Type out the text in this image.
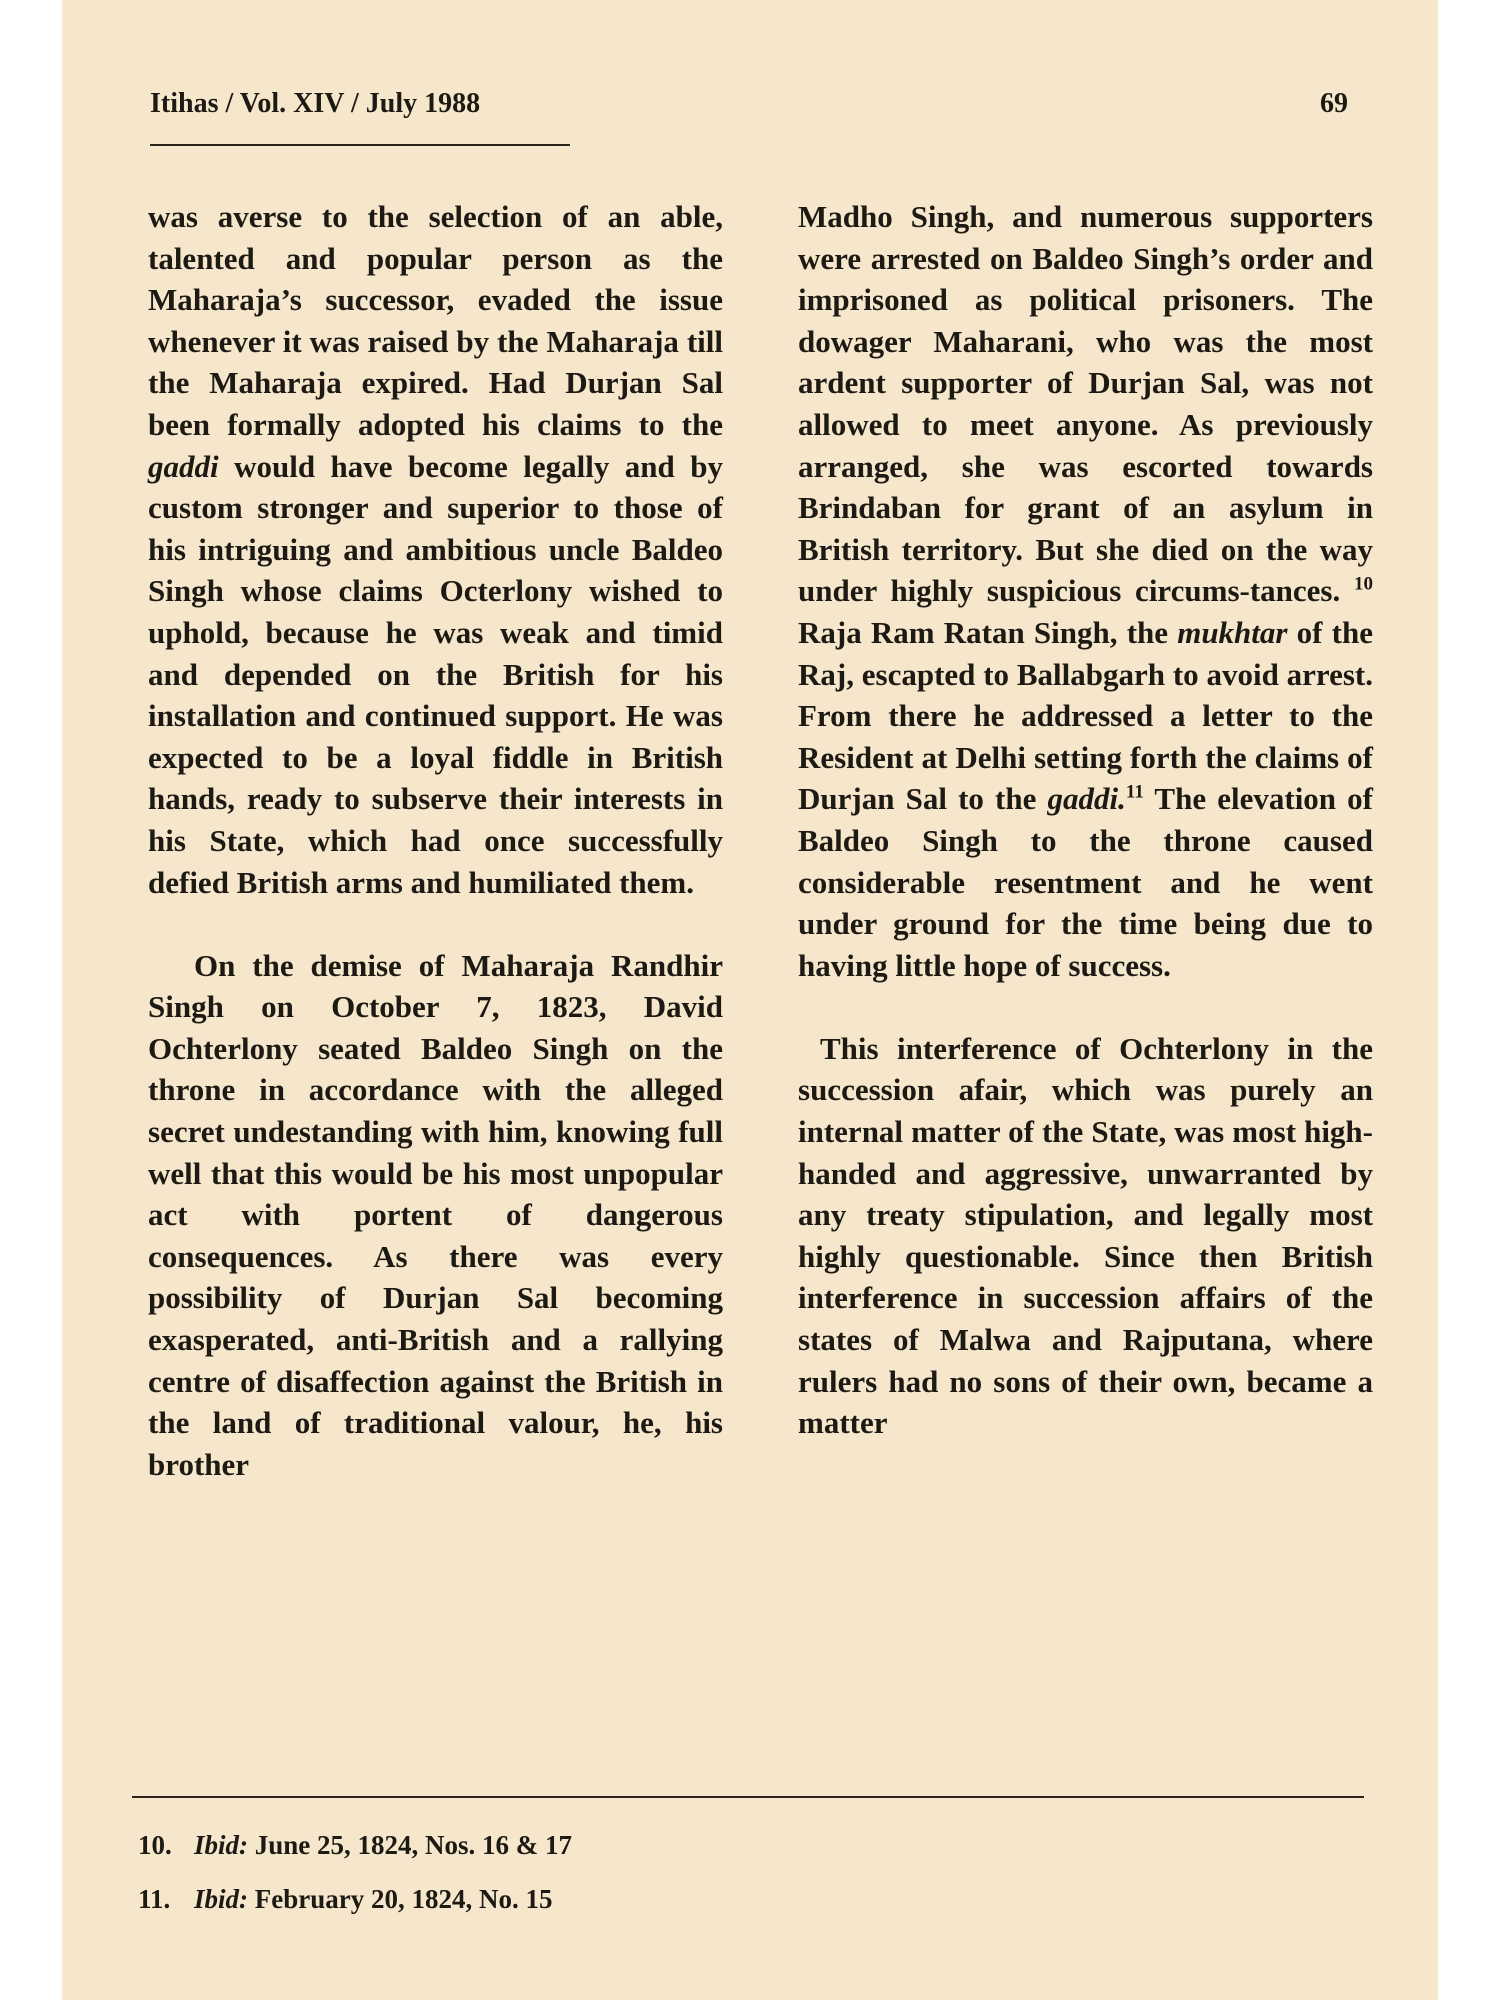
Itihas / Vol. XIV / July 1988	69

was averse to the selection of an able, talented and popular person as the Maharaja’s successor, evaded the issue whenever it was raised by the Maharaja till the Maharaja expired. Had Durjan Sal been formally adopted his claims to the gaddi would have become legally and by custom stronger and superior to those of his intriguing and ambitious uncle Baldeo Singh whose claims Octerlony wished to uphold, because he was weak and timid and depended on the British for his installation and continued support. He was expected to be a loyal fiddle in British hands, ready to subserve their interests in his State, which had once successfully defied British arms and humiliated them.

On the demise of Maharaja Randhir Singh on October 7, 1823, David Ochterlony seated Baldeo Singh on the throne in accordance with the alleged secret undestanding with him, knowing full well that this would be his most unpopular act with portent of dangerous consequences. As there was every possibility of Durjan Sal becoming exasperated, anti-British and a rallying centre of disaffection against the British in the land of traditional valour, he, his brother

Madho Singh, and numerous supporters were arrested on Baldeo Singh’s order and imprisoned as political prisoners. The dowager Maharani, who was the most ardent supporter of Durjan Sal, was not allowed to meet anyone. As previously arranged, she was escorted towards Brindaban for grant of an asylum in British territory. But she died on the way under highly suspicious circums-tances. $^{10}$ Raja Ram Ratan Singh, the mukhtar of the Raj, escapted to Ballabgarh to avoid arrest. From there he addressed a letter to the Resident at Delhi setting forth the claims of Durjan Sal to the gaddi.$^{11}$ The elevation of Baldeo Singh to the throne caused considerable resentment and he went under ground for the time being due to having little hope of success.

This interference of Ochterlony in the succession afair, which was purely an internal matter of the State, was most high-handed and aggressive, unwarranted by any treaty stipulation, and legally most highly questionable. Since then British interference in succession affairs of the states of Malwa and Rajputana, where rulers had no sons of their own, became a matter

10. Ibid: June 25, 1824, Nos. 16 & 17
11. Ibid: February 20, 1824, No. 15
